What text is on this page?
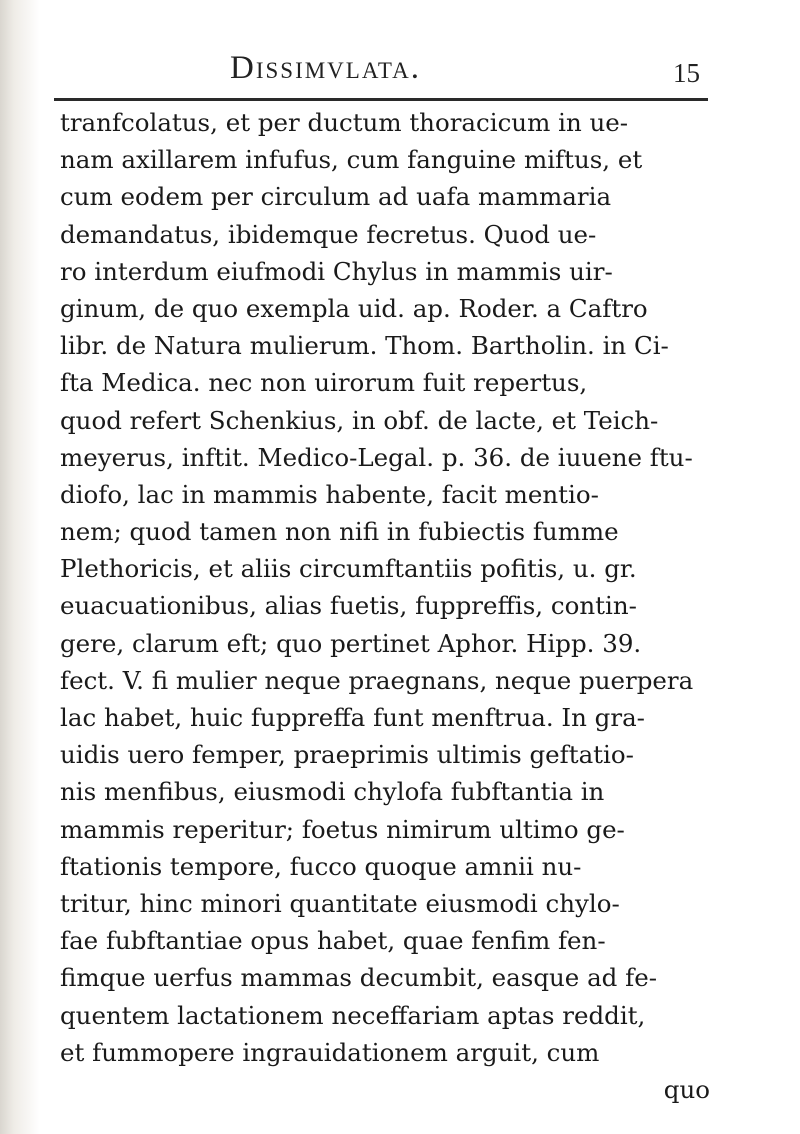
Dissimvlata.	15
tranfcolatus, et per ductum thoracicum in ue-
nam axillarem infufus, cum fanguine miftus, et
cum eodem per circulum ad uafa mammaria
demandatus, ibidemque fecretus. Quod ue-
ro interdum eiufmodi Chylus in mammis uir-
ginum, de quo exempla uid. ap. Roder. a Caftro
libr. de Natura mulierum. Thom. Bartholin. in Ci-
fta Medica. nec non uirorum fuit repertus,
quod refert Schenkius, in obf. de lacte, et Teich-
meyerus, inftit. Medico-Legal. p. 36. de iuuene ftu-
diofo, lac in mammis habente, facit mentio-
nem; quod tamen non nifi in fubiectis fumme
Plethoricis, et aliis circumftantiis pofitis, u. gr.
euacuationibus, alias fuetis, fuppreffis, contin-
gere, clarum eft; quo pertinet Aphor. Hipp. 39.
fect. V. fi mulier neque praegnans, neque puerpera
lac habet, huic fuppreffa funt menftrua. In gra-
uidis uero femper, praeprimis ultimis geftatio-
nis menfibus, eiusmodi chylofa fubftantia in
mammis reperitur; foetus nimirum ultimo ge-
ftationis tempore, fucco quoque amnii nu-
tritur, hinc minori quantitate eiusmodi chylo-
fae fubftantiae opus habet, quae fenfim fen-
fimque uerfus mammas decumbit, easque ad fe-
quentem lactationem neceffariam aptas reddit,
et fummopere ingrauidationem arguit, cum
quo
